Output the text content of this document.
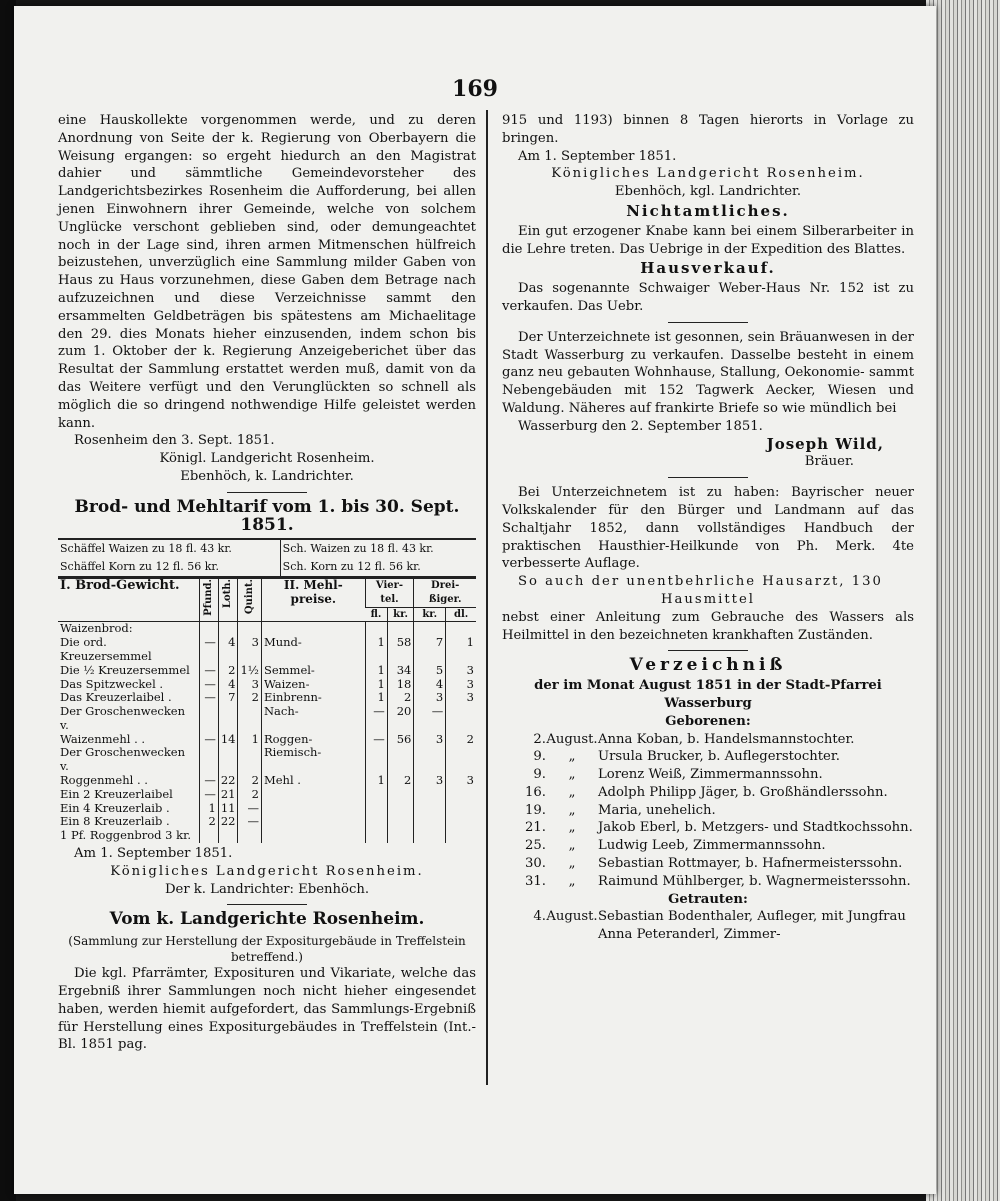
169

eine Hauskollekte vorgenommen werde, und zu deren Anordnung von Seite der k. Regierung von Oberbayern die Weisung ergangen: so ergeht hiedurch an den Magistrat dahier und sämmtliche Gemeindevorsteher des Landgerichtsbezirkes Rosenheim die Aufforderung, bei allen jenen Einwohnern ihrer Gemeinde, welche von solchem Unglücke verschont geblieben sind, oder demungeachtet noch in der Lage sind, ihren armen Mitmenschen hülfreich beizustehen, unverzüglich eine Sammlung milder Gaben von Haus zu Haus vorzunehmen, diese Gaben dem Betrage nach aufzuzeichnen und diese Verzeichnisse sammt den ersammelten Geldbeträgen bis spätestens am Michaelitage den 29. dies Monats hieher einzusenden, indem schon bis zum 1. Oktober der k. Regierung Anzeigeberichet über das Resultat der Sammlung erstattet werden muß, damit von da das Weitere verfügt und den Verunglückten so schnell als möglich die so dringend nothwendige Hilfe geleistet werden kann.

Rosenheim den 3. Sept. 1851.

Königl. Landgericht Rosenheim.

Ebenhöch, k. Landrichter.

Brod- und Mehltarif vom 1. bis 30. Sept. 1851.
Schäffel Waizen zu 18 fl. 43 kr.	Sch. Waizen zu 18 fl. 43 kr.
Schäffel Korn zu 12 fl. 56 kr.	Sch. Korn zu 12 fl. 56 kr.
I. Brod-Gewicht.	Pfund.	Loth.	Quint.	II. Mehl-preise.	Vier-tel.		Drei-ßiger.	
					fl.	kr.	kr.	dl.
Waizenbrod:								
Die ord. Kreuzersemmel	—	4	3	Mund-	1	58	7	1
Die ½ Kreuzersemmel	—	2	1½	Semmel-	1	34	5	3
Das Spitzweckel .	—	4	3	Waizen-	1	18	4	3
Das Kreuzerlaibel .	—	7	2	Einbrenn-	1	2	3	3
Der Groschenwecken v.				Nach-	—	20	—	
Waizenmehl . .	—	14	1	Roggen-	—	56	3	2
Der Groschenwecken v.				Riemisch-				
Roggenmehl . .	—	22	2	Mehl .	1	2	3	3
Ein 2 Kreuzerlaibel	—	21	2					
Ein 4 Kreuzerlaib .	1	11	—					
Ein 8 Kreuzerlaib .	2	22	—					
1 Pf. Roggenbrod 3 kr.								

Am 1. September 1851.

Königliches Landgericht Rosenheim.

Der k. Landrichter: Ebenhöch.

Vom k. Landgerichte Rosenheim.

(Sammlung zur Herstellung der Expositurgebäude in Treffelstein betreffend.)

Die kgl. Pfarrämter, Exposituren und Vikariate, welche das Ergebniß ihrer Sammlungen noch nicht hieher eingesendet haben, werden hiemit aufgefordert, das Sammlungs-Ergebniß für Herstellung eines Expositurgebäudes in Treffelstein (Int.-Bl. 1851 pag.

915 und 1193) binnen 8 Tagen hierorts in Vorlage zu bringen.

Am 1. September 1851.

Königliches Landgericht Rosenheim.

Ebenhöch, kgl. Landrichter.

Nichtamtliches.

Ein gut erzogener Knabe kann bei einem Silberarbeiter in die Lehre treten. Das Uebrige in der Expedition des Blattes.

Hausverkauf.

Das sogenannte Schwaiger Weber-Haus Nr. 152 ist zu verkaufen. Das Uebr.

Der Unterzeichnete ist gesonnen, sein Bräuanwesen in der Stadt Wasserburg zu verkaufen. Dasselbe besteht in einem ganz neu gebauten Wohnhause, Stallung, Oekonomie- sammt Nebengebäuden mit 152 Tagwerk Aecker, Wiesen und Waldung. Näheres auf frankirte Briefe so wie mündlich bei

Wasserburg den 2. September 1851.

Joseph Wild,

Bräuer.

Bei Unterzeichnetem ist zu haben: Bayrischer neuer Volkskalender für den Bürger und Landmann auf das Schaltjahr 1852, dann vollständiges Handbuch der praktischen Hausthier-Heilkunde von Ph. Merk. 4te verbesserte Auflage.

So auch der unentbehrliche Hausarzt, 130

Hausmittel

nebst einer Anleitung zum Gebrauche des Wassers als Heilmittel in den bezeichneten krankhaften Zuständen.

Verzeichniß

der im Monat August 1851 in der Stadt-Pfarrei Wasserburg

Geborenen:

2. August. Anna Koban, b. Handelsmannstochter.
9.	„	Ursula Brucker, b. Auflegerstochter.
9.	„	Lorenz Weiß, Zimmermannssohn.
16.	„	Adolph Philipp Jäger, b. Großhändlerssohn.
19.	„	Maria, unehelich.
21.	„	Jakob Eberl, b. Metzgers- und Stadtkochssohn.
25.	„	Ludwig Leeb, Zimmermannssohn.
30.	„	Sebastian Rottmayer, b. Hafnermeisterssohn.
31.	„	Raimund Mühlberger, b. Wagnermeisterssohn.

Getrauten:

4. August. Sebastian Bodenthaler, Aufleger, mit Jungfrau Anna Peteranderl, Zimmer-
